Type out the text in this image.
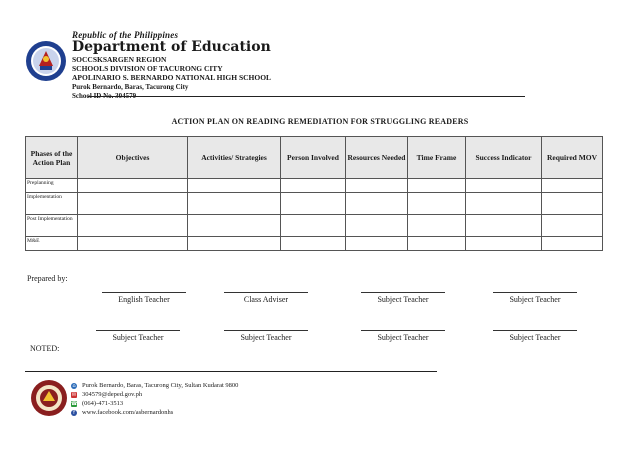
Republic of the Philippines
Department of Education
SOCCSKSARGEN REGION
SCHOOLS DIVISION OF TACURONG CITY
APOLINARIO S. BERNARDO NATIONAL HIGH SCHOOL
Purok Bernardo, Baras, Tacurong City
School ID No. 304579
ACTION PLAN ON READING REMEDIATION FOR STRUGGLING READERS
Phases of the Action Plan	Objectives	Activities/ Strategies	Person Involved	Resources Needed	Time Frame	Success Indicator	Required MOV
Preplanning							
Implementation							
Post Implementation							
M&E							
Prepared by:
English Teacher	Class Adviser	Subject Teacher	Subject Teacher
Subject Teacher	Subject Teacher	Subject Teacher	Subject Teacher
NOTED:
⌂ Purok Bernardo, Baras, Tacurong City, Sultan Kudarat 9800
✉ 304579@deped.gov.ph
☎ (064)-471-3513
f	www.facebook.com/asbernardonhs
